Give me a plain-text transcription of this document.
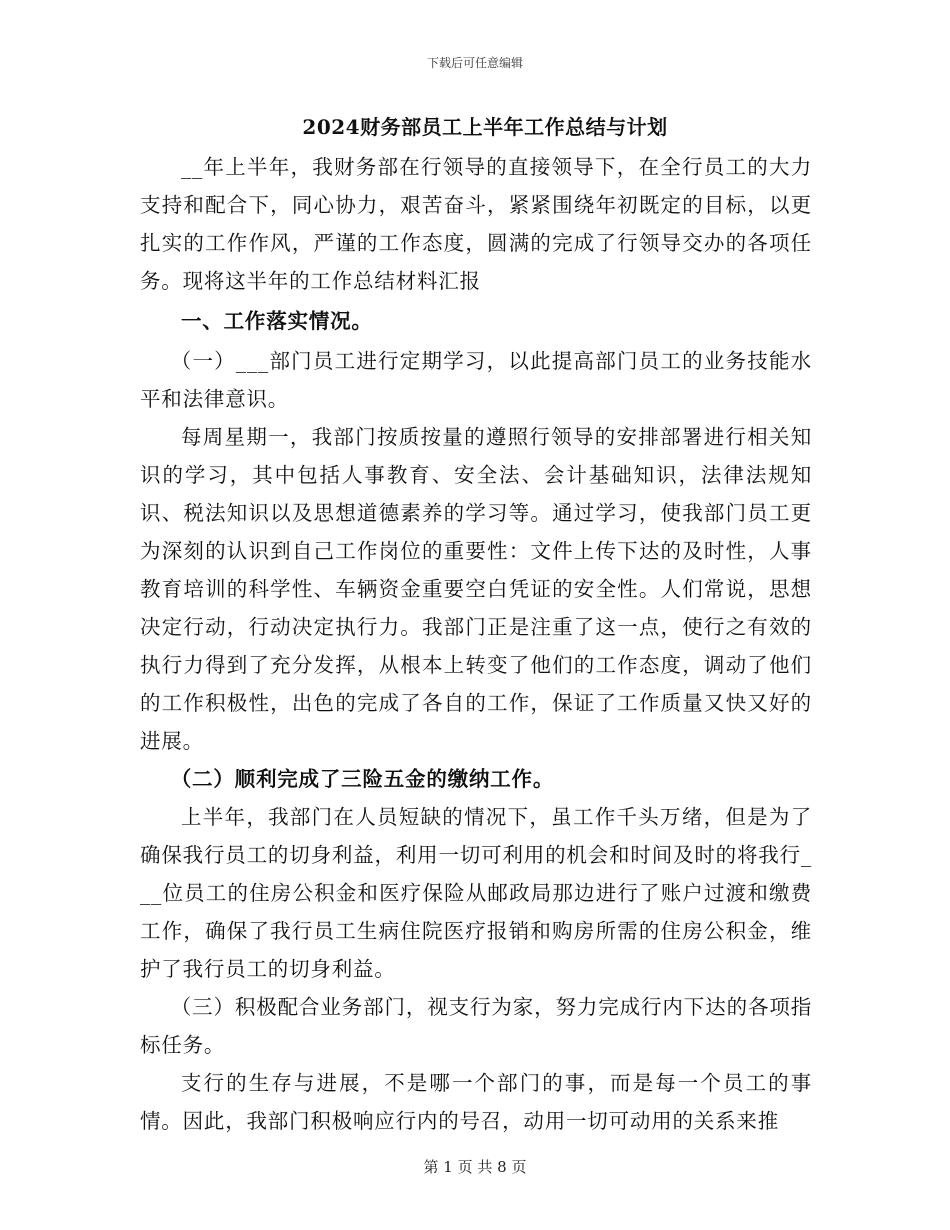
下载后可任意编辑
2024财务部员工上半年工作总结与计划

__年上半年，我财务部在行领导的直接领导下，在全行员工的大力支持和配合下，同心协力，艰苦奋斗，紧紧围绕年初既定的目标，以更扎实的工作作风，严谨的工作态度，圆满的完成了行领导交办的各项任务。现将这半年的工作总结材料汇报

一、工作落实情况。

（一）___部门员工进行定期学习，以此提高部门员工的业务技能水平和法律意识。

每周星期一，我部门按质按量的遵照行领导的安排部署进行相关知识的学习，其中包括人事教育、安全法、会计基础知识，法律法规知识、税法知识以及思想道德素养的学习等。通过学习，使我部门员工更为深刻的认识到自己工作岗位的重要性：文件上传下达的及时性，人事教育培训的科学性、车辆资金重要空白凭证的安全性。人们常说，思想决定行动，行动决定执行力。我部门正是注重了这一点，使行之有效的执行力得到了充分发挥，从根本上转变了他们的工作态度，调动了他们的工作积极性，出色的完成了各自的工作，保证了工作质量又快又好的进展。

（二）顺利完成了三险五金的缴纳工作。

上半年，我部门在人员短缺的情况下，虽工作千头万绪，但是为了确保我行员工的切身利益，利用一切可利用的机会和时间及时的将我行___位员工的住房公积金和医疗保险从邮政局那边进行了账户过渡和缴费工作，确保了我行员工生病住院医疗报销和购房所需的住房公积金，维护了我行员工的切身利益。

（三）积极配合业务部门，视支行为家，努力完成行内下达的各项指标任务。

支行的生存与进展，不是哪一个部门的事，而是每一个员工的事情。因此，我部门积极响应行内的号召，动用一切可动用的关系来推

第 1 页 共 8 页
